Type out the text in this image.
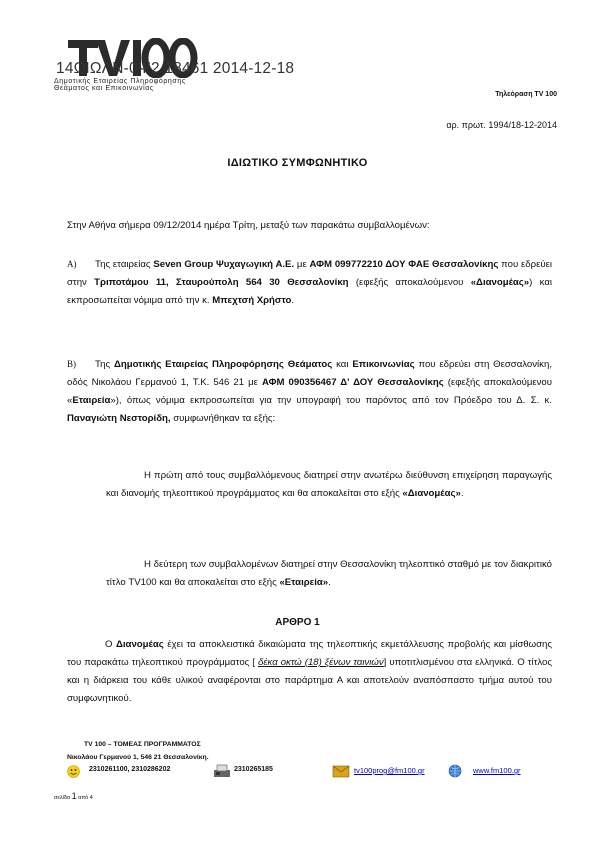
Δημοτικής Εταιρείας Πληροφόρησης
Θεάματος και Επικοινωνίας
14ΩΙΩΛΝ-0Ψ2 18461 2014-12-18
Τηλεόραση TV 100
αρ. πρωτ. 1994/18-12-2014
ΙΔΙΩΤΙΚΟ ΣΥΜΦΩΝΗΤΙΚΟ

Στην Αθήνα σήμερα 09/12/2014 ημέρα Τρίτη, μεταξύ των παρακάτω συμβαλλομένων:

Α) Της εταιρείας Seven Group Ψυχαγωγική Α.Ε. με ΑΦΜ 099772210 ΔΟΥ ΦΑΕ Θεσσαλονίκης που εδρεύει στην Τριποτάμου 11, Σταυρούπολη 564 30 Θεσσαλονίκη (εφεξής αποκαλούμενου «Διανομέας») και εκπροσωπείται νόμιμα από την κ. Μπεχτσή Χρήστο.

Β) Της Δημοτικής Εταιρείας Πληροφόρησης Θεάματος και Επικοινωνίας που εδρεύει στη Θεσσαλονίκη, οδός Νικολάου Γερμανού 1, Τ.Κ. 546 21 με ΑΦΜ 090356467 Δ' ΔΟΥ Θεσσαλονίκης (εφεξής αποκαλούμενου «Εταιρεία»), όπως νόμιμα εκπροσωπείται για την υπογραφή του παρόντος από τον Πρόεδρο του Δ. Σ. κ. Παναγιώτη Νεστορίδη, συμφωνήθηκαν τα εξής:

Η πρώτη από τους συμβαλλόμενους διατηρεί στην ανωτέρω διεύθυνση επιχείρηση παραγωγής και διανομής τηλεοπτικού προγράμματος και θα αποκαλείται στο εξής «Διανομέας».
Η δεύτερη των συμβαλλομένων διατηρεί στην Θεσσαλονίκη τηλεοπτικό σταθμό με τον διακριτικό τίτλο TV100 και θα αποκαλείται στο εξής «Εταιρεία».
ΑΡΘΡΟ 1
Ο Διανομέας έχει τα αποκλειστικά δικαιώματα της τηλεοπτικής εκμετάλλευσης προβολής και μίσθωσης του παρακάτω τηλεοπτικού προγράμματος [ δέκα οκτώ (18) ξένων ταινιών] υποτιτλισμένου στα ελληνικά. Ο τίτλος και η διάρκεια του κάθε υλικού αναφέρονται στο παράρτημα Α και αποτελούν αναπόσπαστο τμήμα αυτού του συμφωνητικού.
TV 100 – ΤΟΜΕΑΣ ΠΡΟΓΡΑΜΜΑΤΟΣ
Νικολάου Γερμανού 1, 546 21 Θεσσαλονίκη.
2310261100, 2310286202	2310265185	tv100prog@fm100.gr	www.fm100.gr
σελίδα 1 από 4
